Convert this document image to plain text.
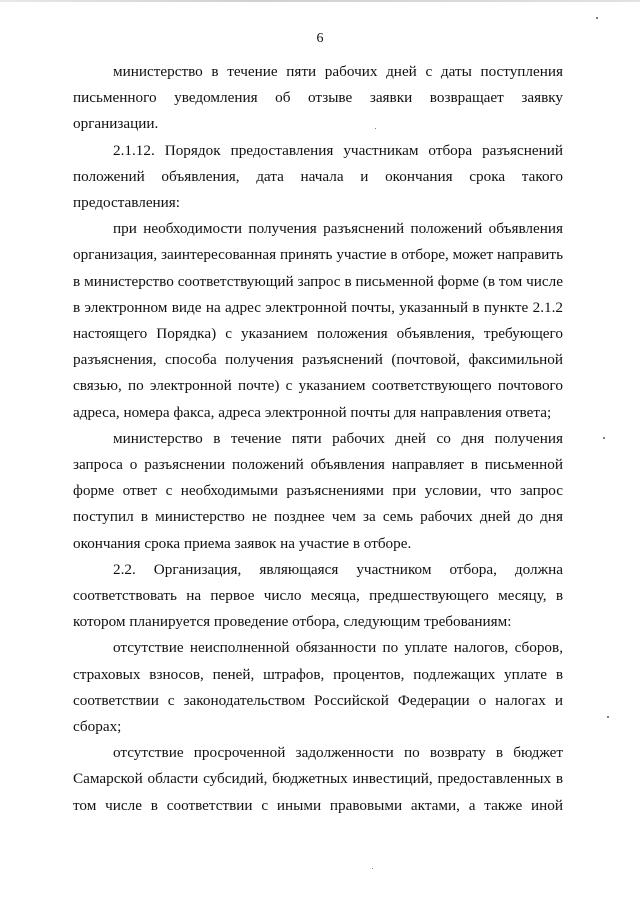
6

министерство в течение пяти рабочих дней с даты поступления письменного уведомления об отзыве заявки возвращает заявку организации.

2.1.12. Порядок предоставления участникам отбора разъяснений положений объявления, дата начала и окончания срока такого предоставления:

при необходимости получения разъяснений положений объявления организация, заинтересованная принять участие в отборе, может направить в министерство соответствующий запрос в письменной форме (в том числе в электронном виде на адрес электронной почты, указанный в пункте 2.1.2 настоящего Порядка) с указанием положения объявления, требующего разъяснения, способа получения разъяснений (почтовой, факсимильной связью, по электронной почте) с указанием соответствующего почтового адреса, номера факса, адреса электронной почты для направления ответа;

министерство в течение пяти рабочих дней со дня получения запроса о разъяснении положений объявления направляет в письменной форме ответ с необходимыми разъяснениями при условии, что запрос поступил в министерство не позднее чем за семь рабочих дней до дня окончания срока приема заявок на участие в отборе.

2.2. Организация, являющаяся участником отбора, должна соответствовать на первое число месяца, предшествующего месяцу, в котором планируется проведение отбора, следующим требованиям:

отсутствие неисполненной обязанности по уплате налогов, сборов, страховых взносов, пеней, штрафов, процентов, подлежащих уплате в соответствии с законодательством Российской Федерации о налогах и сборах;

отсутствие просроченной задолженности по возврату в бюджет Самарской области субсидий, бюджетных инвестиций, предоставленных в том числе в соответствии с иными правовыми актами, а также иной
